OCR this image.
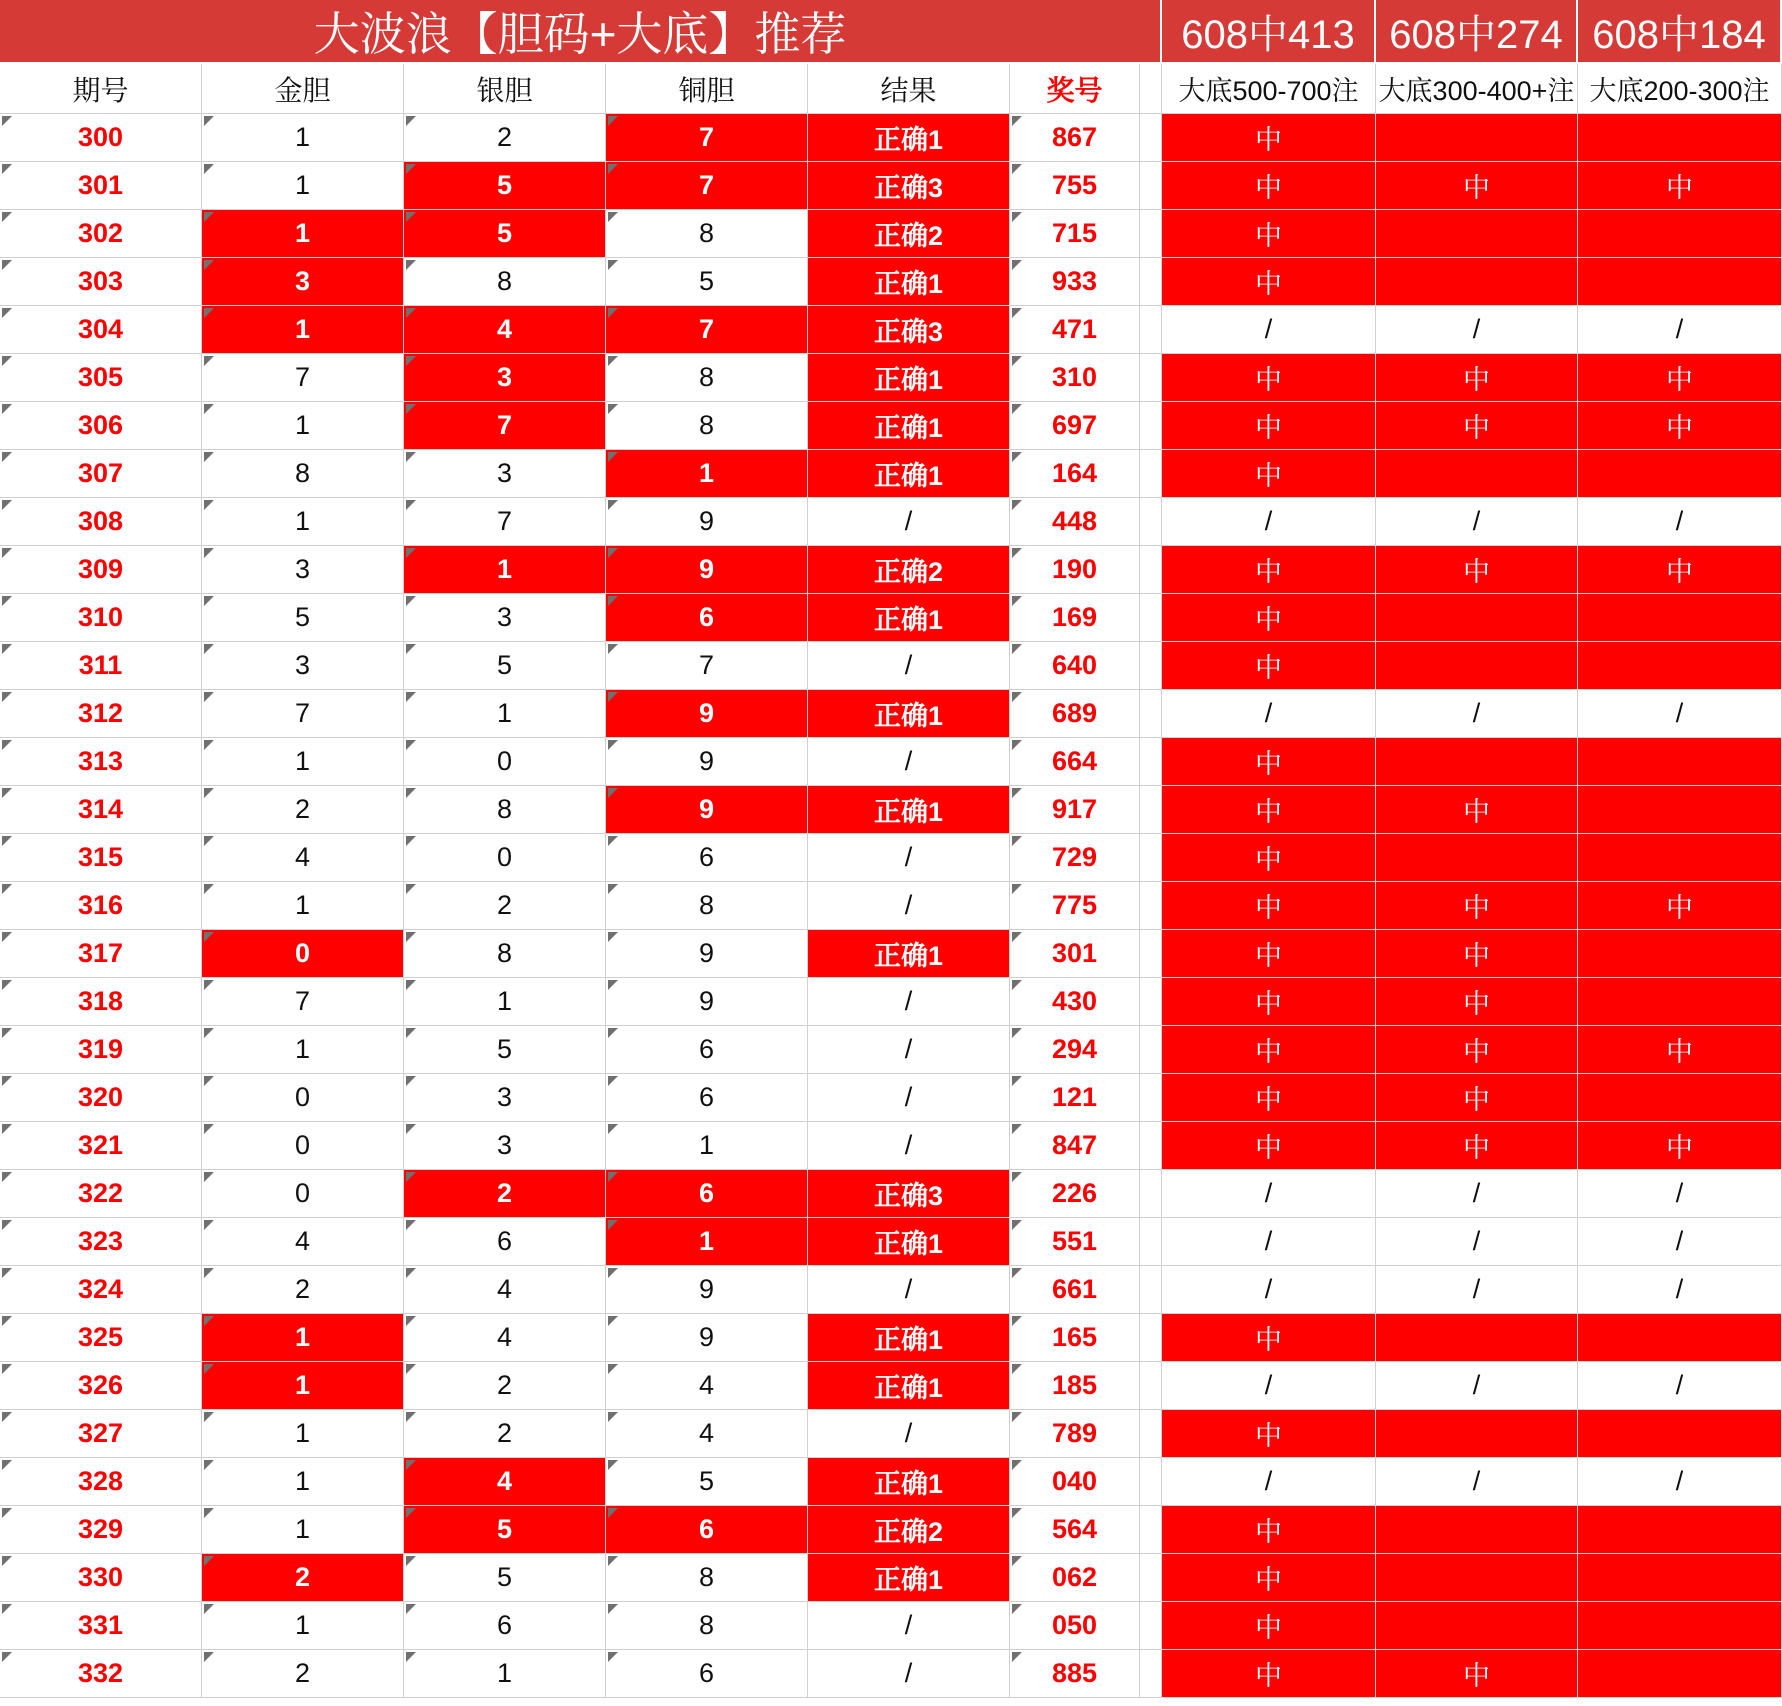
大波浪【胆码+大底】推荐	608中413 608中274 608中184
期号	金胆	银胆	铜胆	结果	奖号	大底500-700注 大底300-400+注 大底200-300注
300	1	2	7	正确1	867	中
301	1	5	7	正确3	755	中	中	中
302	1	5	8	正确2	715	中
303	3	8	5	正确1	933	中
304	1	4	7	正确3	471	/	/	/
305	7	3	8	正确1	310	中	中	中
306	1	7	8	正确1	697	中	中	中
307	8	3	1	正确1	164	中
308	1	7	9	/	448	/	/	/
309	3	1	9	正确2	190	中	中	中
310	5	3	6	正确1	169	中
311	3	5	7	/	640	中
312	7	1	9	正确1	689	/	/	/
313	1	0	9	/	664	中
314	2	8	9	正确1	917	中	中
315	4	0	6	/	729	中
316	1	2	8	/	775	中	中	中
317	0	8	9	正确1	301	中	中
318	7	1	9	/	430	中	中
319	1	5	6	/	294	中	中	中
320	0	3	6	/	121	中	中
321	0	3	1	/	847	中	中	中
322	0	2	6	正确3	226	/	/	/
323	4	6	1	正确1	551	/	/	/
324	2	4	9	/	661	/	/	/
325	1	4	9	正确1	165	中
326	1	2	4	正确1	185	/	/	/
327	1	2	4	/	789	中
328	1	4	5	正确1	040	/	/	/
329	1	5	6	正确2	564	中
330	2	5	8	正确1	062	中
331	1	6	8	/	050	中
332	2	1	6	/	885	中	中
